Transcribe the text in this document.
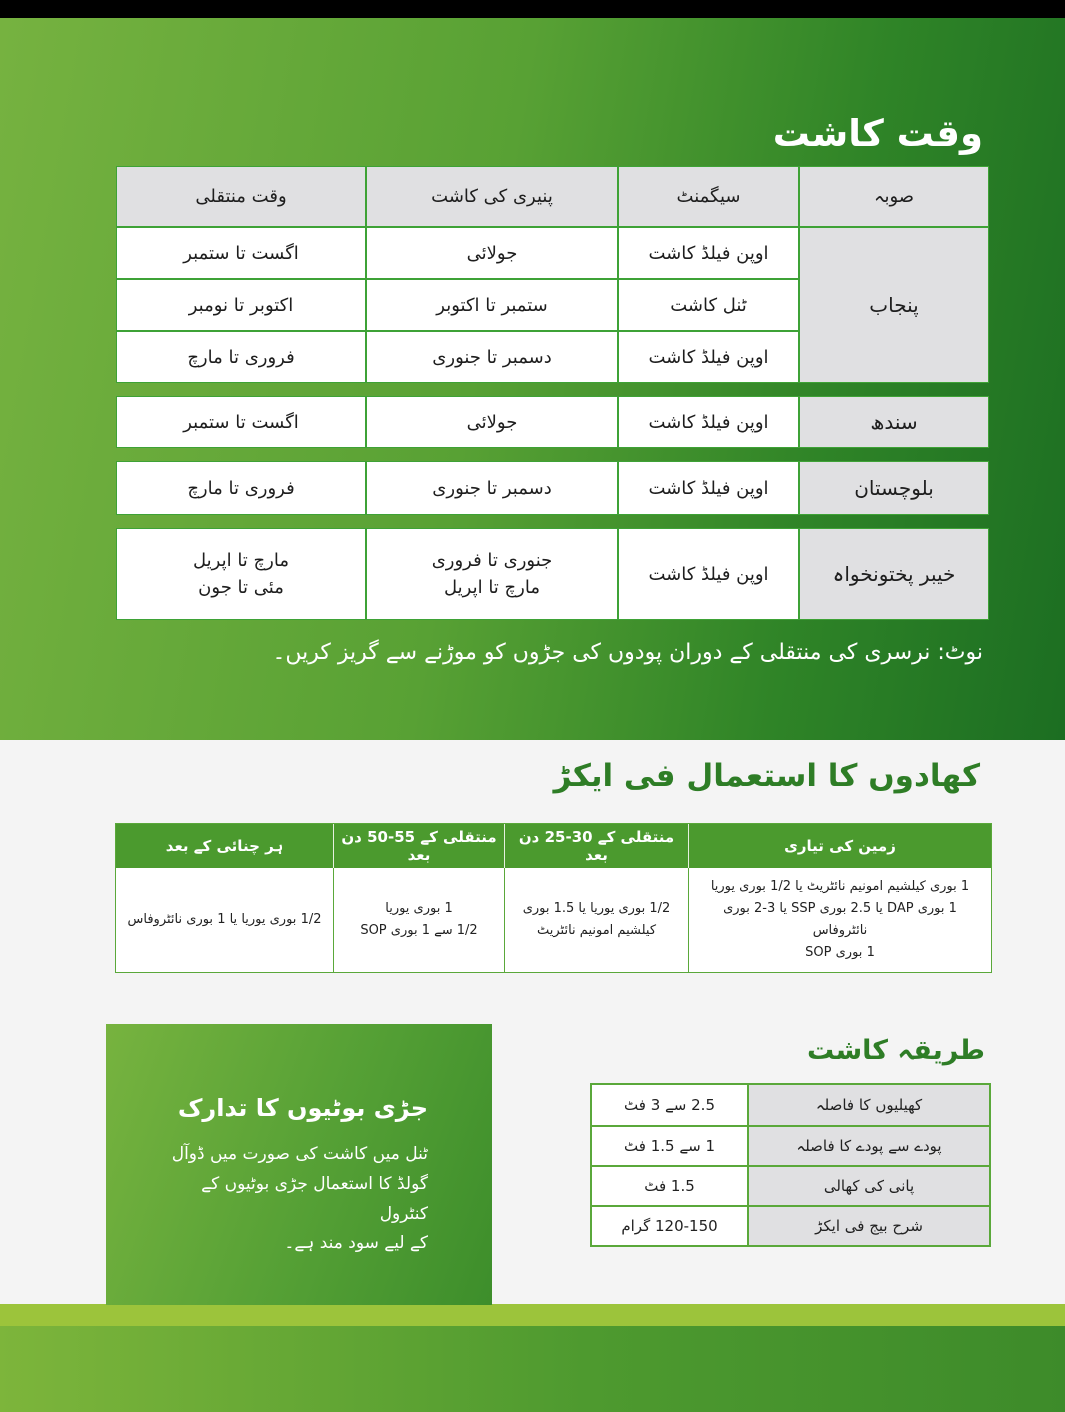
وقت کاشت
صوبہ
سیگمنٹ
پنیری کی کاشت
وقت منتقلی
پنجاب
اوپن فیلڈ کاشت
جولائی
اگست تا ستمبر
ٹنل کاشت
ستمبر تا اکتوبر
اکتوبر تا نومبر
اوپن فیلڈ کاشت
دسمبر تا جنوری
فروری تا مارچ
سندھ
اوپن فیلڈ کاشت
جولائی
اگست تا ستمبر
بلوچستان
اوپن فیلڈ کاشت
دسمبر تا جنوری
فروری تا مارچ
خیبر پختونخواہ
اوپن فیلڈ کاشت
جنوری تا فروری
مارچ تا اپریل
مارچ تا اپریل
مئی تا جون
نوٹ: نرسری کی منتقلی کے دوران پودوں کی جڑوں کو موڑنے سے گریز کریں۔
کھادوں کا استعمال فی ایکڑ
زمین کی تیاری
منتقلی کے 30-25 دن بعد
منتقلی کے 55-50 دن بعد
ہر چنائی کے بعد
1 بوری کیلشیم امونیم نائٹریٹ یا 1/2 بوری یوریا
1 بوری DAP یا 2.5 بوری SSP یا 3-2 بوری نائٹروفاس
1 بوری SOP
1/2 بوری یوریا یا 1.5 بوری
کیلشیم امونیم نائٹریٹ
1 بوری یوریا
1/2 سے 1 بوری SOP
1/2 بوری یوریا یا 1 بوری نائٹروفاس
جڑی بوٹیوں کا تدارک
ٹنل میں کاشت کی صورت میں ڈوآل
گولڈ کا استعمال جڑی بوٹیوں کے کنٹرول
کے لیے سود مند ہے۔
طریقہ کاشت
کھیلیوں کا فاصلہ
2.5 سے 3 فٹ
پودے سے پودے کا فاصلہ
1 سے 1.5 فٹ
پانی کی کھالی
1.5 فٹ
شرح بیج فی ایکڑ
120-150 گرام
